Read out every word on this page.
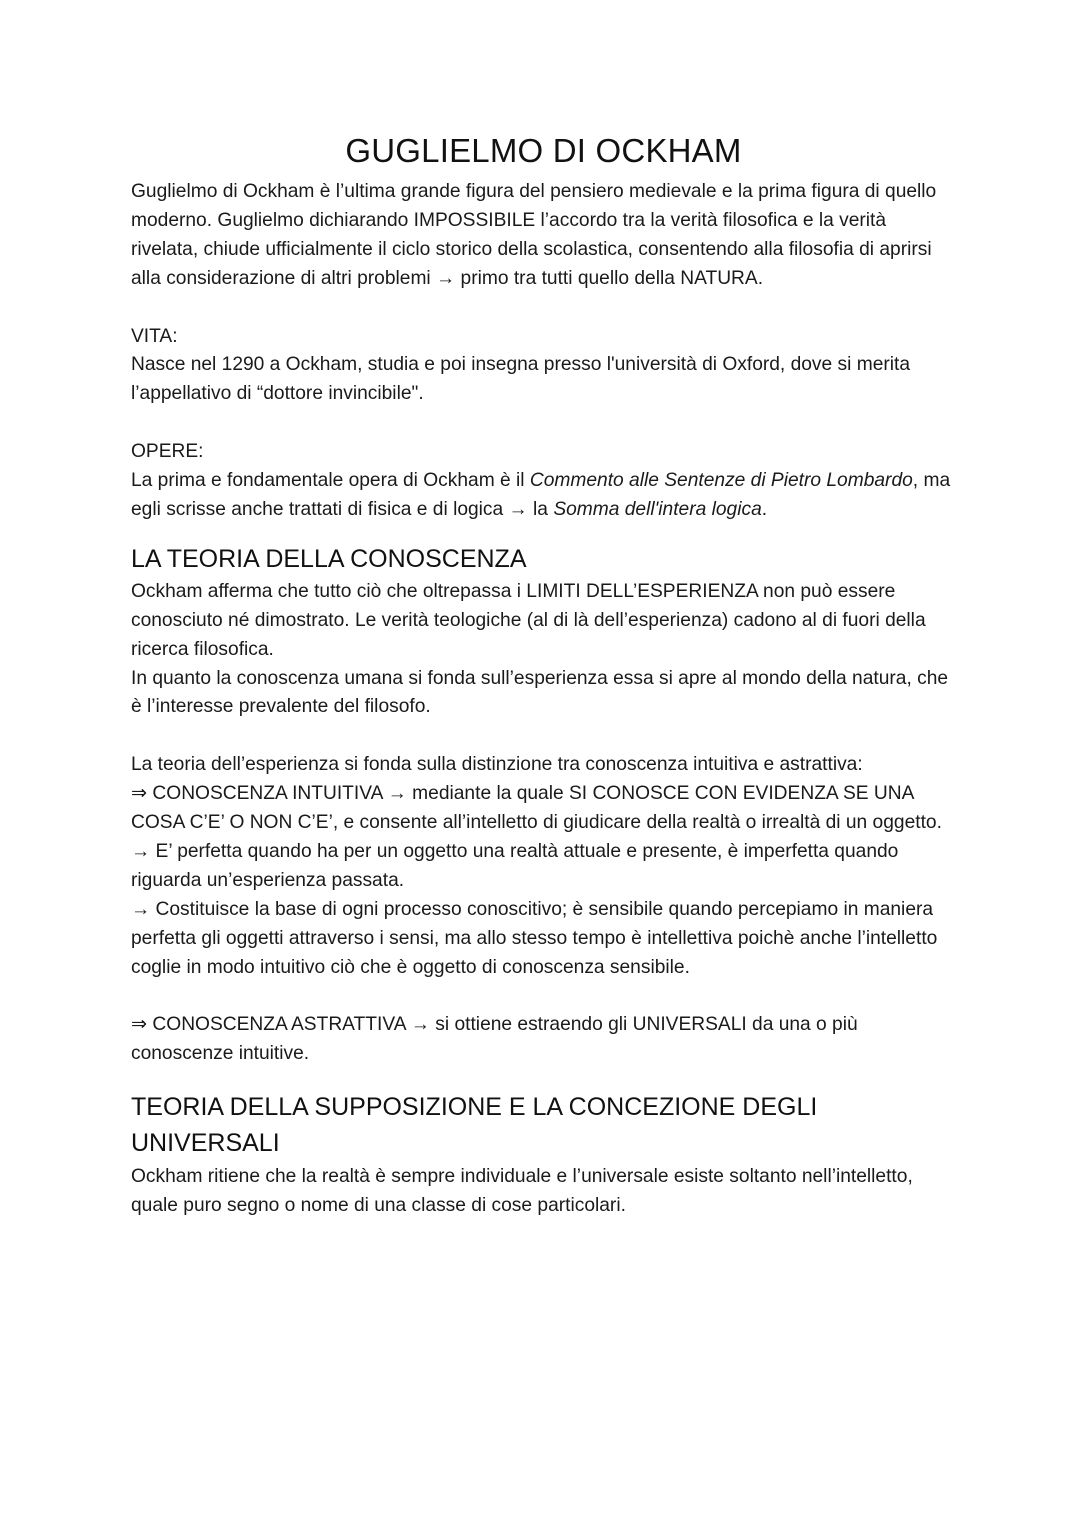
GUGLIELMO DI OCKHAM

Guglielmo di Ockham è l’ultima grande figura del pensiero medievale e la prima figura di quello moderno. Guglielmo dichiarando IMPOSSIBILE l’accordo tra la verità filosofica e la verità rivelata, chiude ufficialmente il ciclo storico della scolastica, consentendo alla filosofia di aprirsi alla considerazione di altri problemi → primo tra tutti quello della NATURA.

VITA:

Nasce nel 1290 a Ockham, studia e poi insegna presso l'università di Oxford, dove si merita l’appellativo di “dottore invincibile".

OPERE:

La prima e fondamentale opera di Ockham è il Commento alle Sentenze di Pietro Lombardo, ma egli scrisse anche trattati di fisica e di logica → la Somma dell'intera logica.

LA TEORIA DELLA CONOSCENZA

Ockham afferma che tutto ciò che oltrepassa i LIMITI DELL’ESPERIENZA non può essere conosciuto né dimostrato. Le verità teologiche (al di là dell’esperienza) cadono al di fuori della ricerca filosofica.

In quanto la conoscenza umana si fonda sull’esperienza essa si apre al mondo della natura, che è l’interesse prevalente del filosofo.

La teoria dell’esperienza si fonda sulla distinzione tra conoscenza intuitiva e astrattiva:

⇒ CONOSCENZA INTUITIVA → mediante la quale SI CONOSCE CON EVIDENZA SE UNA COSA C’E’ O NON C’E’, e consente all’intelletto di giudicare della realtà o irrealtà di un oggetto.

→ E’ perfetta quando ha per un oggetto una realtà attuale e presente, è imperfetta quando riguarda un’esperienza passata.

→ Costituisce la base di ogni processo conoscitivo; è sensibile quando percepiamo in maniera perfetta gli oggetti attraverso i sensi, ma allo stesso tempo è intellettiva poichè anche l’intelletto coglie in modo intuitivo ciò che è oggetto di conoscenza sensibile.

⇒ CONOSCENZA ASTRATTIVA → si ottiene estraendo gli UNIVERSALI da una o più conoscenze intuitive.

TEORIA DELLA SUPPOSIZIONE E LA CONCEZIONE DEGLI UNIVERSALI

Ockham ritiene che la realtà è sempre individuale e l’universale esiste soltanto nell’intelletto, quale puro segno o nome di una classe di cose particolari.
